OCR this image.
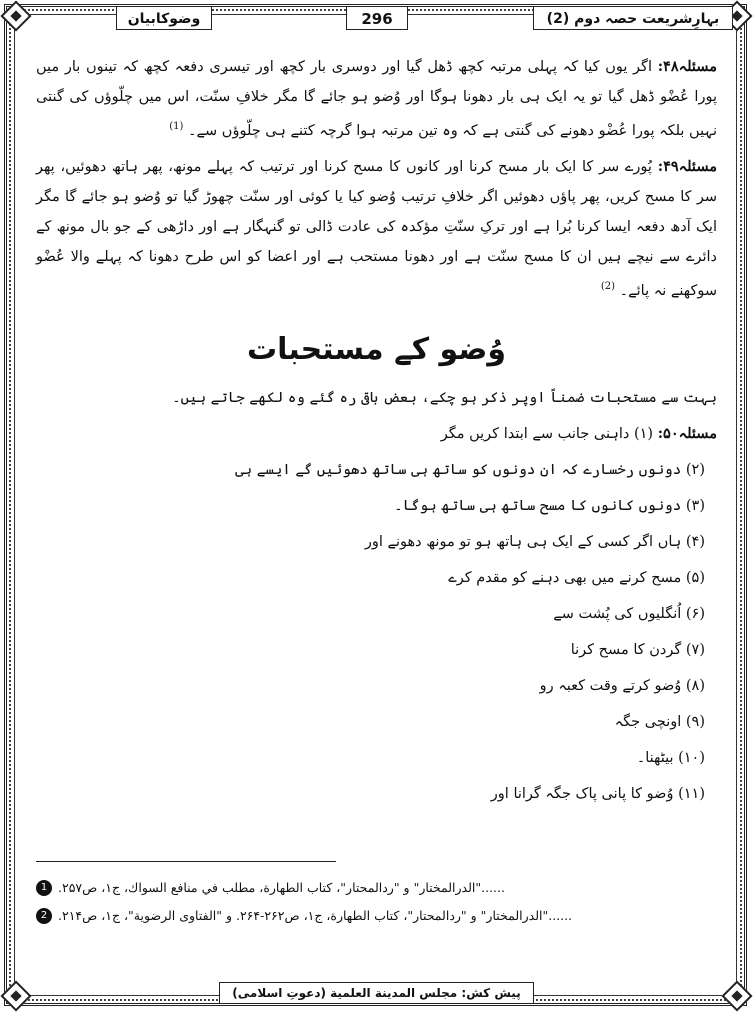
بہارِشریعت حصہ دوم (2)
296
وضوکابیان

مسئلہ۴۸: اگر یوں کیا کہ پہلی مرتبہ کچھ ڈھل گیا اور دوسری بار کچھ اور تیسری دفعہ کچھ کہ تینوں بار میں پورا عُضْو ڈھل گیا تو یہ ایک ہی بار دھونا ہوگا اور وُضو ہو جائے گا مگر خلافِ سنّت، اس میں چلّوؤں کی گنتی نہیں بلکہ پورا عُضْو دھونے کی گنتی ہے کہ وہ تین مرتبہ ہوا گرچہ کتنے ہی چلّوؤں سے۔ $^{(1)}$

مسئلہ۴۹: پُورے سر کا ایک بار مسح کرنا اور کانوں کا مسح کرنا اور ترتیب کہ پہلے مونھ، پھر ہاتھ دھوئیں، پھر سر کا مسح کریں، پھر پاؤں دھوئیں اگر خلافِ ترتیب وُضو کیا یا کوئی اور سنّت چھوڑ گیا تو وُضو ہو جائے گا مگر ایک آدھ دفعہ ایسا کرنا بُرا ہے اور ترکِ سنّتِ مؤکدہ کی عادت ڈالی تو گنہگار ہے اور داڑھی کے جو بال مونھ کے دائرے سے نیچے ہیں ان کا مسح سنّت ہے اور دھونا مستحب ہے اور اعضا کو اس طرح دھونا کہ پہلے والا عُضْو سوکھنے نہ پائے۔ $^{(2)}$

وُضو کے مستحبات

بہت سے مستحبات ضمناً اوپر ذکر ہو چکے، بعض باقی رہ گئے وہ لکھے جاتے ہیں۔

مسئلہ۵۰: (۱) داہنی جانب سے ابتدا کریں مگر

(۲) دونوں رخسارے کہ ان دونوں کو ساتھ ہی ساتھ دھوئیں گے ایسے ہی

(۳) دونوں کانوں کا مسح ساتھ ہی ساتھ ہوگا۔

(۴) ہاں اگر کسی کے ایک ہی ہاتھ ہو تو مونھ دھونے اور

(۵) مسح کرنے میں بھی دہنے کو مقدم کرے

(۶) اُنگلیوں کی پُشت سے

(۷) گردن کا مسح کرنا

(۸) وُضو کرتے وقت کعبہ رو

(۹) اونچی جگہ

(۱۰) بیٹھنا۔

(۱۱) وُضو کا پانی پاک جگہ گرانا اور

1 ......"الدرالمختار" و "ردالمحتار"، كتاب الطهارة، مطلب في منافع السواك، ج۱، ص۲۵۷.
2 ......"الدرالمختار" و "ردالمحتار"، كتاب الطهارة، ج۱، ص۲۶۲-۲۶۴. و "الفتاوى الرضوية"، ج۱، ص۲۱۴.
پیش کش: مجلس المدينة العلمية (دعوتِ اسلامی)
